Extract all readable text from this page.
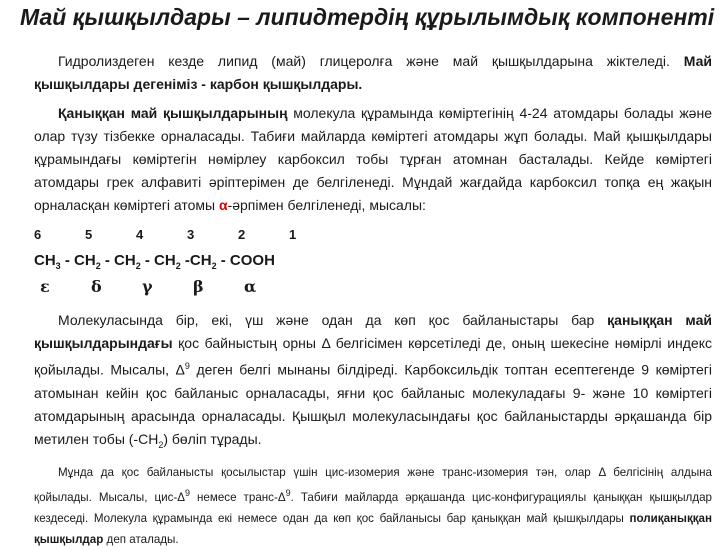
Май қышқылдары – липидтердің құрылымдық компоненті

Гидролиздеген кезде липид (май) глицеролға және май қышқылдарына жіктеледі. Май қышқылдары дегеніміз - карбон қышқылдары.

Қаныққан май қышқылдарының молекула құрамында көміртегінің 4-24 атомдары болады және олар түзу тізбекке орналасады. Табиғи майларда көміртегі атомдары жұп болады. Май қышқылдары құрамындағы көміртегін нөмірлеу карбоксил тобы тұрған атомнан басталады. Кейде көміртегі атомдары грек алфавиті әріптерімен де белгіленеді. Мұндай жағдайда карбоксил топқа ең жақын орналасқан көміртегі атомы α-әрпімен белгіленеді, мысалы:

6	5	4	3	2	1
$CH_3 - CH_2 - CH_2 - CH_2$ $-CH_2$ - COOH
ε	δ	γ	β	α

Молекуласында бір, екі, үш және одан да көп қос байланыстары бар қаныққан май қышқылдарындағы қос байныстың орны Δ белгісімен көрсетіледі де, оның шекесіне нөмірлі индекс қойылады. Мысалы, $\Delta^9$ деген белгі мынаны білдіреді. Карбоксильдік топтан есептегенде 9 көміртегі атомынан кейін қос байланыс орналасады, яғни қос байланыс молекуладағы 9- және 10 көміртегі атомдарының арасында орналасады. Қышқыл молекуласындағы қос байланыстарды әрқашанда бір метилен тобы $(-CH_2)$ бөліп тұрады.

Мұнда да қос байланысты қосылыстар үшін цис-изомерия және транс-изомерия тән, олар Δ белгісінің алдына қойылады. Мысалы, цис-$\Delta^9$ немесе транс-$\Delta^9$. Табиғи майларда әрқашанда цис-конфигурациялы қаныққан қышқылдар кездеседі. Молекула құрамында екі немесе одан да көп қос байланысы бар қаныққан май қышқылдары полиқаныққан қышқылдар деп аталады.
